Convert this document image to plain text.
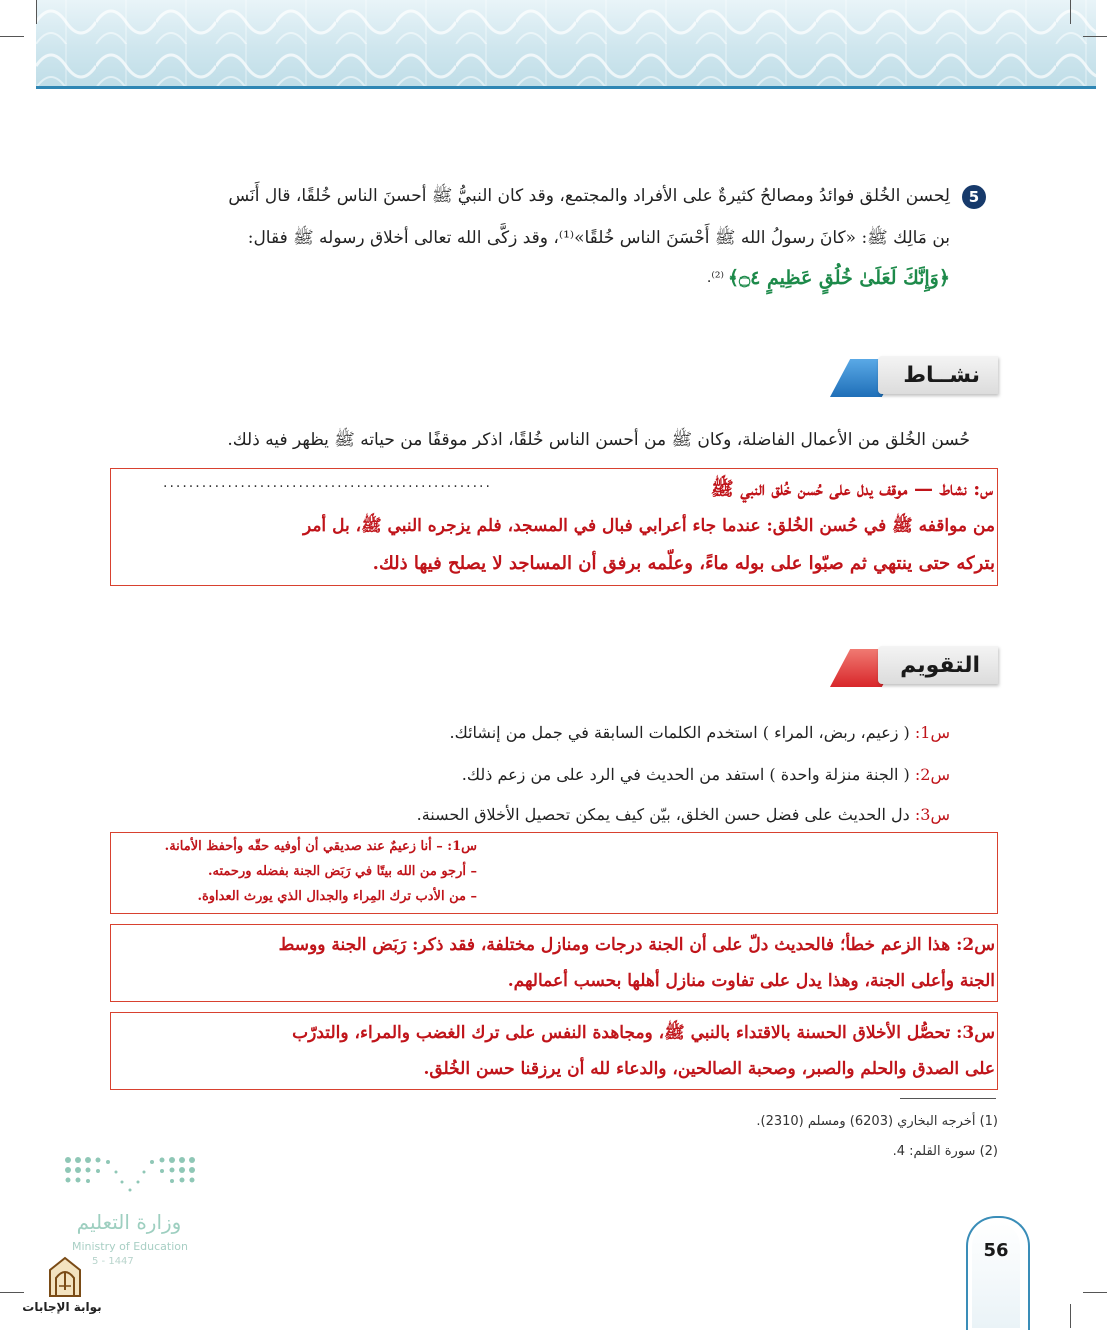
5
لِحسن الخُلق فوائدُ ومصالحُ كثيرةٌ على الأفراد والمجتمع، وقد كان النبيُّ ﷺ أحسنَ الناس خُلقًا، قال أَنَس
بن مَالِك ﷺ: «كانَ رسولُ الله ﷺ أَحْسَنَ الناس خُلقًا»⁽¹⁾، وقد زكَّى الله تعالى أخلاق رسوله ﷺ فقال:
﴿وَإِنَّكَ لَعَلَىٰ خُلُقٍ عَظِيمٍ ۝٤﴾
⁽²⁾.
نشــاط
حُسن الخُلق من الأعمال الفاضلة، وكان ﷺ من أحسن الناس خُلقًا، اذكر موقفًا من حياته ﷺ يظهر فيه ذلك.
س: نشاط — موقف يدل على حُسن خُلق النبي ﷺ
...................................................
من مواقفه ﷺ في حُسن الخُلق: عندما جاء أعرابي فبال في المسجد، فلم يزجره النبي ﷺ، بل أمر
بتركه حتى ينتهي ثم صبّوا على بوله ماءً، وعلّمه برفق أن المساجد لا يصلح فيها ذلك.
التقويم
س1: ( زعيم، ربض، المراء ) استخدم الكلمات السابقة في جمل من إنشائك.
س2: ( الجنة منزلة واحدة ) استفد من الحديث في الرد على من زعم ذلك.
س3: دل الحديث على فضل حسن الخلق، بيّن كيف يمكن تحصيل الأخلاق الحسنة.
س1: – أنا زعيمٌ عند صديقي أن أوفيه حقّه وأحفظ الأمانة.
– أرجو من الله بيتًا في رَبَض الجنة بفضله ورحمته.
– من الأدب ترك المِراء والجدال الذي يورث العداوة.
س2: هذا الزعم خطأ؛ فالحديث دلّ على أن الجنة درجات ومنازل مختلفة، فقد ذكر: رَبَض الجنة ووسط
الجنة وأعلى الجنة، وهذا يدل على تفاوت منازل أهلها بحسب أعمالهم.
س3: تحصُّل الأخلاق الحسنة بالاقتداء بالنبي ﷺ، ومجاهدة النفس على ترك الغضب والمراء، والتدرّب
على الصدق والحلم والصبر، وصحبة الصالحين، والدعاء لله أن يرزقنا حسن الخُلق.
(1) أخرجه البخاري (6203) ومسلم (2310).
(2) سورة القلم: 4.
وزارة التعليم
Ministry of Education
5 - 1447
بوابة الإجابات
56
